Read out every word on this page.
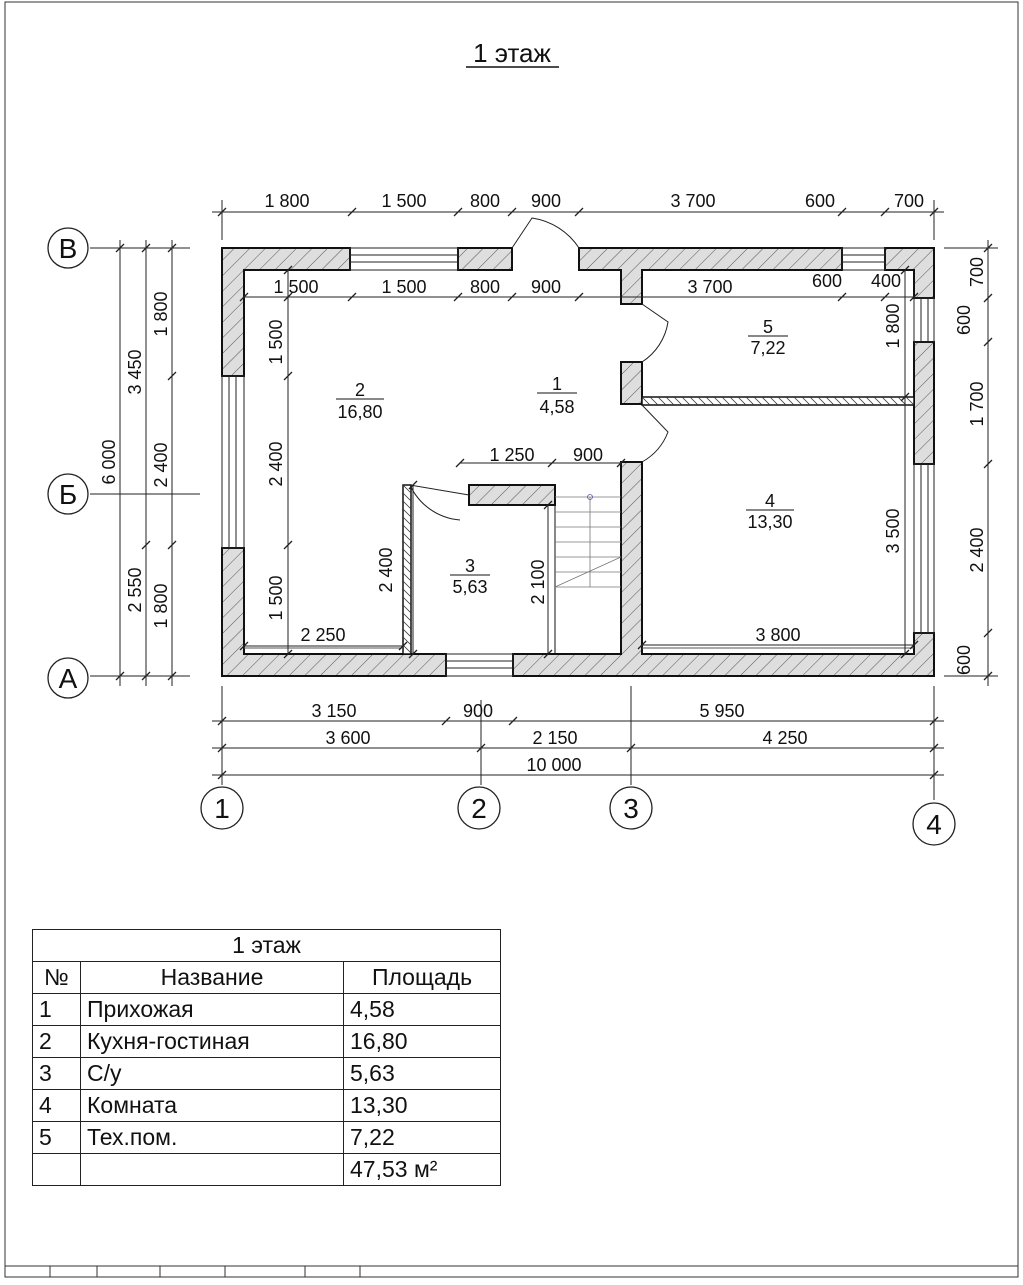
1 этаж
1
4,58
2
16,80
3
5,63
4
13,30
5
7,22
1 800	1 500 800 900	3 700	600	700
1 500	1 500 800 900	3 700	600 400
1 250 900
2 250	3 800
3 150	900	5 950
3 600	2 150	4 250
10 000
6 000
3 450
2 550
1 800
2 400
1 800
1 500
2 400
1 500
2 400	2 100
1 800
3 500
700
600
1 700
2 400
600
В
Б
А
1	2	3
4
1 этаж		
№	Название	Площадь
1	Прихожая	4,58
2	Кухня-гостиная	16,80
3	С/у	5,63
4	Комната	13,30
5	Тех.пом.	7,22
		47,53 м²
